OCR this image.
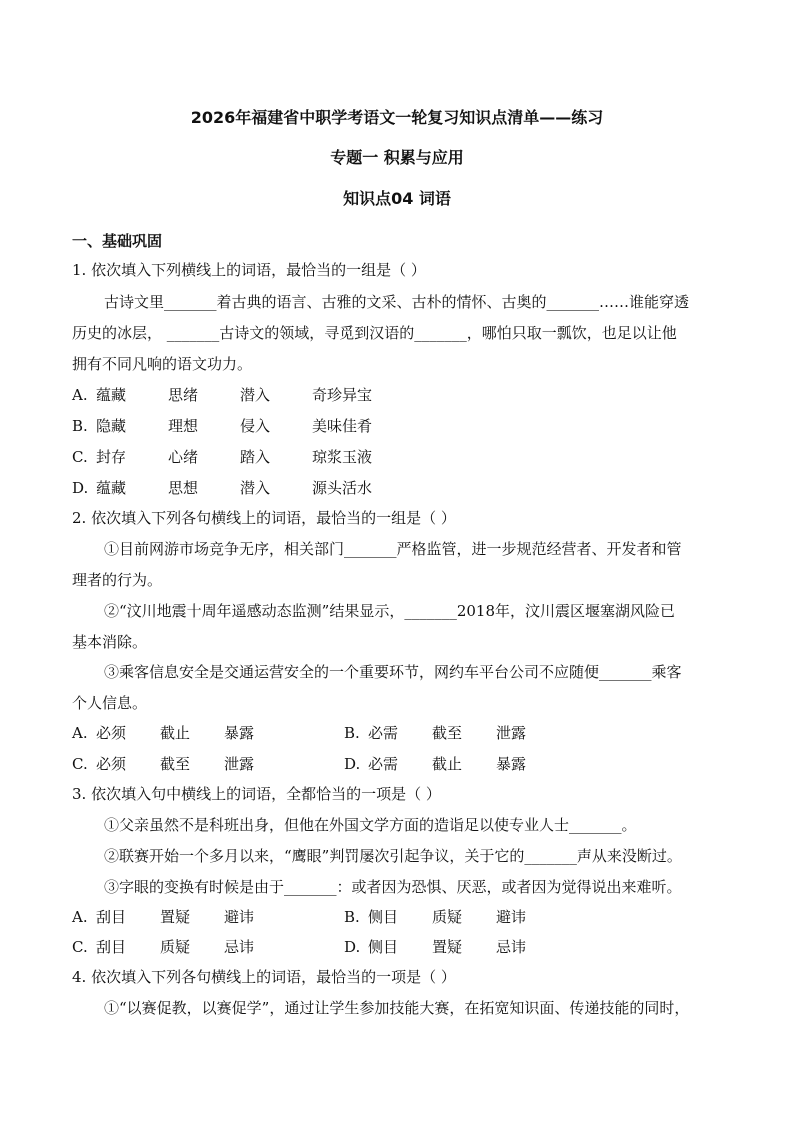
2026年福建省中职学考语文一轮复习知识点清单——练习
专题一 积累与应用
知识点04 词语
一、基础巩固
1. 依次填入下列横线上的词语，最恰当的一组是（ ）
古诗文里_______着古典的语言、古雅的文采、古朴的情怀、古奥的_______……谁能穿透
历史的冰层， _______古诗文的领域，寻觅到汉语的_______，哪怕只取一瓢饮，也足以让他
拥有不同凡响的语文功力。
A. 蕴藏	思绪	潜入	奇珍异宝
B. 隐藏	理想	侵入	美味佳肴
C. 封存	心绪	踏入	琼浆玉液
D. 蕴藏	思想	潜入	源头活水
2. 依次填入下列各句横线上的词语，最恰当的一组是（ ）
①目前网游市场竞争无序，相关部门_______严格监管，进一步规范经营者、开发者和管
理者的行为。
②“汶川地震十周年遥感动态监测”结果显示，_______2018年，汶川震区堰塞湖风险已
基本消除。
③乘客信息安全是交通运营安全的一个重要环节，网约车平台公司不应随便_______乘客
个人信息。
A. 必须 截止 暴露	B. 必需 截至 泄露
C. 必须 截至 泄露	D. 必需 截止 暴露
3. 依次填入句中横线上的词语，全都恰当的一项是（ ）
①父亲虽然不是科班出身，但他在外国文学方面的造诣足以使专业人士_______。
②联赛开始一个多月以来，“鹰眼”判罚屡次引起争议，关于它的_______声从来没断过。
③字眼的变换有时候是由于_______：或者因为恐惧、厌恶，或者因为觉得说出来难听。
A. 刮目 置疑 避讳	B. 侧目 质疑 避讳
C. 刮目 质疑 忌讳	D. 侧目 置疑 忌讳
4. 依次填入下列各句横线上的词语，最恰当的一项是（ ）
①“以赛促教，以赛促学”，通过让学生参加技能大赛，在拓宽知识面、传递技能的同时，
